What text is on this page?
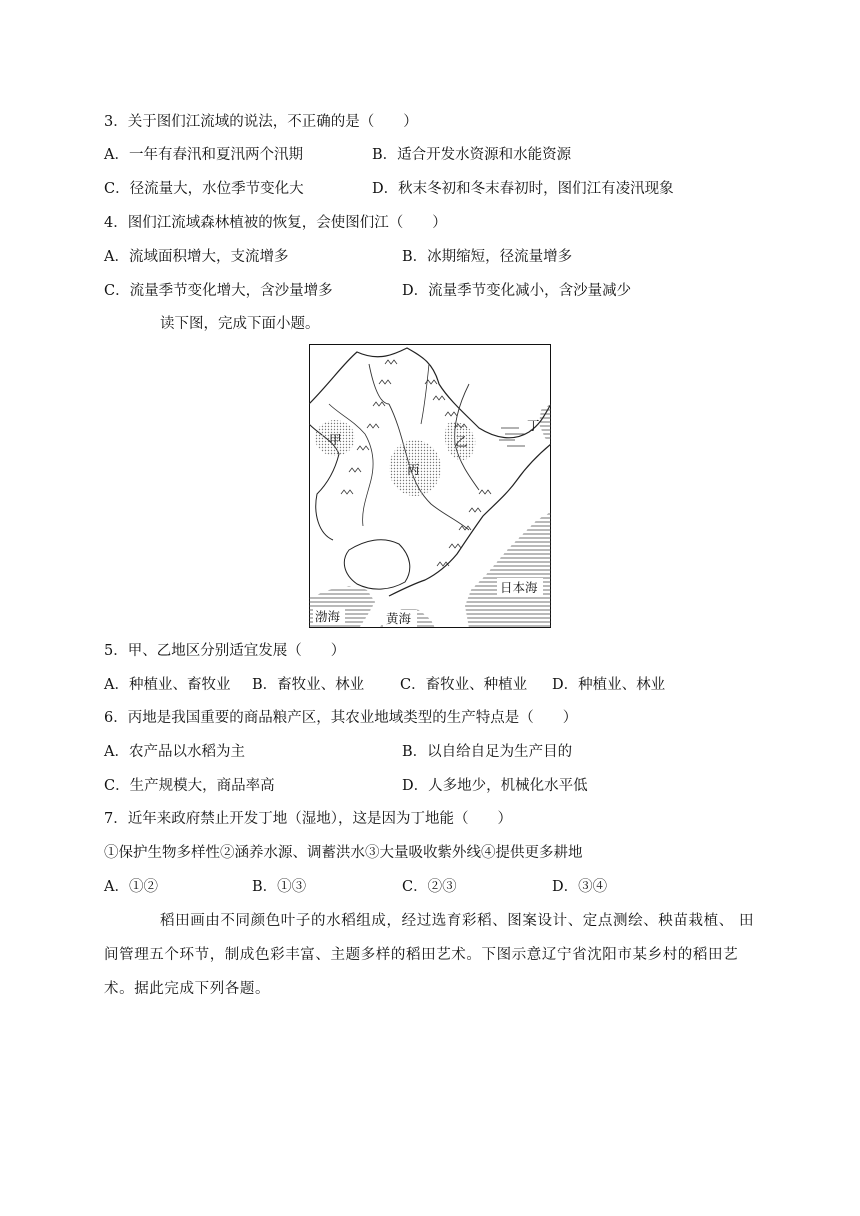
3．关于图们江流域的说法，不正确的是（　　）
A．一年有春汛和夏汛两个汛期	B．适合开发水资源和水能资源
C．径流量大，水位季节变化大	D．秋末冬初和冬末春初时，图们江有凌汛现象
4．图们江流域森林植被的恢复，会使图们江（　　）
A．流域面积增大，支流增多	B．冰期缩短，径流量增多
C．流量季节变化增大，含沙量增多	D．流量季节变化减小，含沙量减少
读下图，完成下面小题。
甲	乙
丙
丁
日本海
渤海	黄海
5．甲、乙地区分别适宜发展（　　）
A．种植业、畜牧业 B．畜牧业、林业 C．畜牧业、种植业 D．种植业、林业
6．丙地是我国重要的商品粮产区，其农业地域类型的生产特点是（　　）
A．农产品以水稻为主	B．以自给自足为生产目的
C．生产规模大，商品率高	D．人多地少，机械化水平低
7．近年来政府禁止开发丁地（湿地），这是因为丁地能（　　）
①保护生物多样性②涵养水源、调蓄洪水③大量吸收紫外线④提供更多耕地
A．①②	B．①③	C．②③	D．③④
稻田画由不同颜色叶子的水稻组成，经过选育彩稻、图案设计、定点测绘、秧苗栽植、 田间管理五个环节，制成色彩丰富、主题多样的稻田艺术。下图示意辽宁省沈阳市某乡村的稻田艺术。据此完成下列各题。
